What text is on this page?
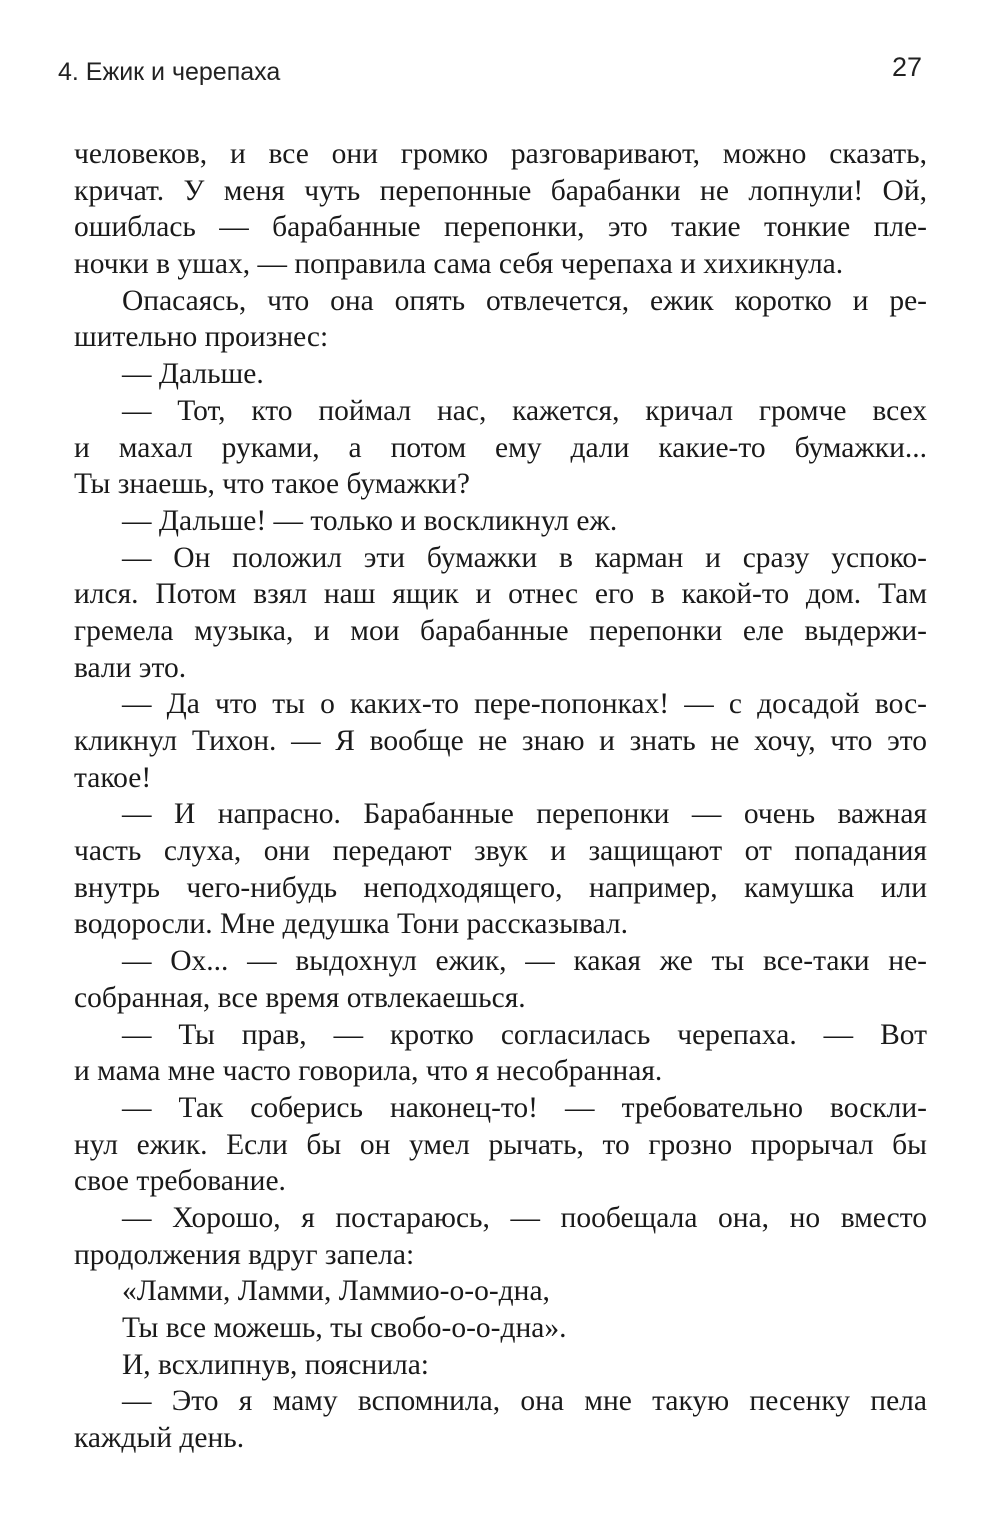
4. Ежик и черепаха	27

человеков, и все они громко разговаривают, можно сказать,
кричат. У меня чуть перепонные барабанки не лопнули! Ой,
ошиблась — барабанные перепонки, это такие тонкие пле-
ночки в ушах, — поправила сама себя черепаха и хихикнула.

Опасаясь, что она опять отвлечется, ежик коротко и ре-
шительно произнес:

— Дальше.

— Тот, кто поймал нас, кажется, кричал громче всех
и махал руками, а потом ему дали какие-то бумажки...
Ты знаешь, что такое бумажки?

— Дальше! — только и воскликнул еж.

— Он положил эти бумажки в карман и сразу успоко-
ился. Потом взял наш ящик и отнес его в какой-то дом. Там
гремела музыка, и мои барабанные перепонки еле выдержи-
вали это.

— Да что ты о каких-то пере-попонках! — с досадой вос-
кликнул Тихон. — Я вообще не знаю и знать не хочу, что это
такое!

— И напрасно. Барабанные перепонки — очень важная
часть слуха, они передают звук и защищают от попадания
внутрь чего-нибудь неподходящего, например, камушка или
водоросли. Мне дедушка Тони рассказывал.

— Ох... — выдохнул ежик, — какая же ты все-таки не-
собранная, все время отвлекаешься.

— Ты прав, — кротко согласилась черепаха. — Вот
и мама мне часто говорила, что я несобранная.

— Так соберись наконец-то! — требовательно воскли-
нул ежик. Если бы он умел рычать, то грозно прорычал бы
свое требование.

— Хорошо, я постараюсь, — пообещала она, но вместо
продолжения вдруг запела:

«Ламми, Ламми, Ламмио-о-о-дна,

Ты все можешь, ты свобо-о-о-дна».

И, всхлипнув, пояснила:

— Это я маму вспомнила, она мне такую песенку пела
каждый день.
